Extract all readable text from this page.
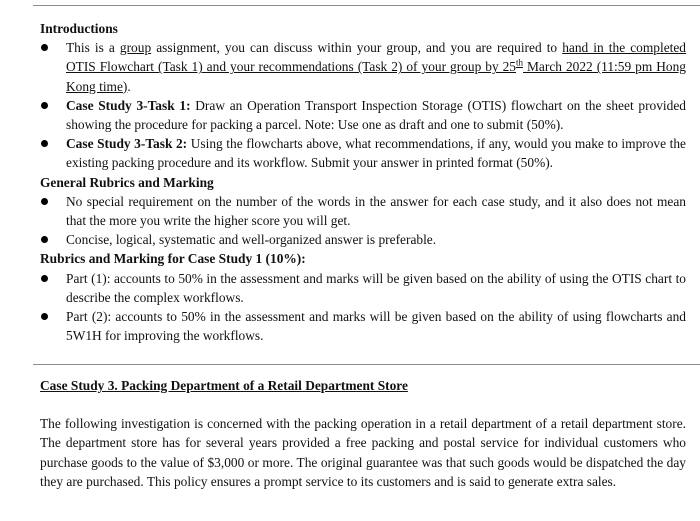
Introductions
This is a group assignment, you can discuss within your group, and you are required to hand in the completed OTIS Flowchart (Task 1) and your recommendations (Task 2) of your group by 25th March 2022 (11:59 pm Hong Kong time).
Case Study 3-Task 1: Draw an Operation Transport Inspection Storage (OTIS) flowchart on the sheet provided showing the procedure for packing a parcel. Note: Use one as draft and one to submit (50%).
Case Study 3-Task 2: Using the flowcharts above, what recommendations, if any, would you make to improve the existing packing procedure and its workflow. Submit your answer in printed format (50%).
General Rubrics and Marking
No special requirement on the number of the words in the answer for each case study, and it also does not mean that the more you write the higher score you will get.
Concise, logical, systematic and well-organized answer is preferable.
Rubrics and Marking for Case Study 1 (10%):
Part (1): accounts to 50% in the assessment and marks will be given based on the ability of using the OTIS chart to describe the complex workflows.
Part (2): accounts to 50% in the assessment and marks will be given based on the ability of using flowcharts and 5W1H for improving the workflows.
Case Study 3. Packing Department of a Retail Department Store
The following investigation is concerned with the packing operation in a retail department of a retail department store. The department store has for several years provided a free packing and postal service for individual customers who purchase goods to the value of $3,000 or more. The original guarantee was that such goods would be dispatched the day they are purchased. This policy ensures a prompt service to its customers and is said to generate extra sales.
